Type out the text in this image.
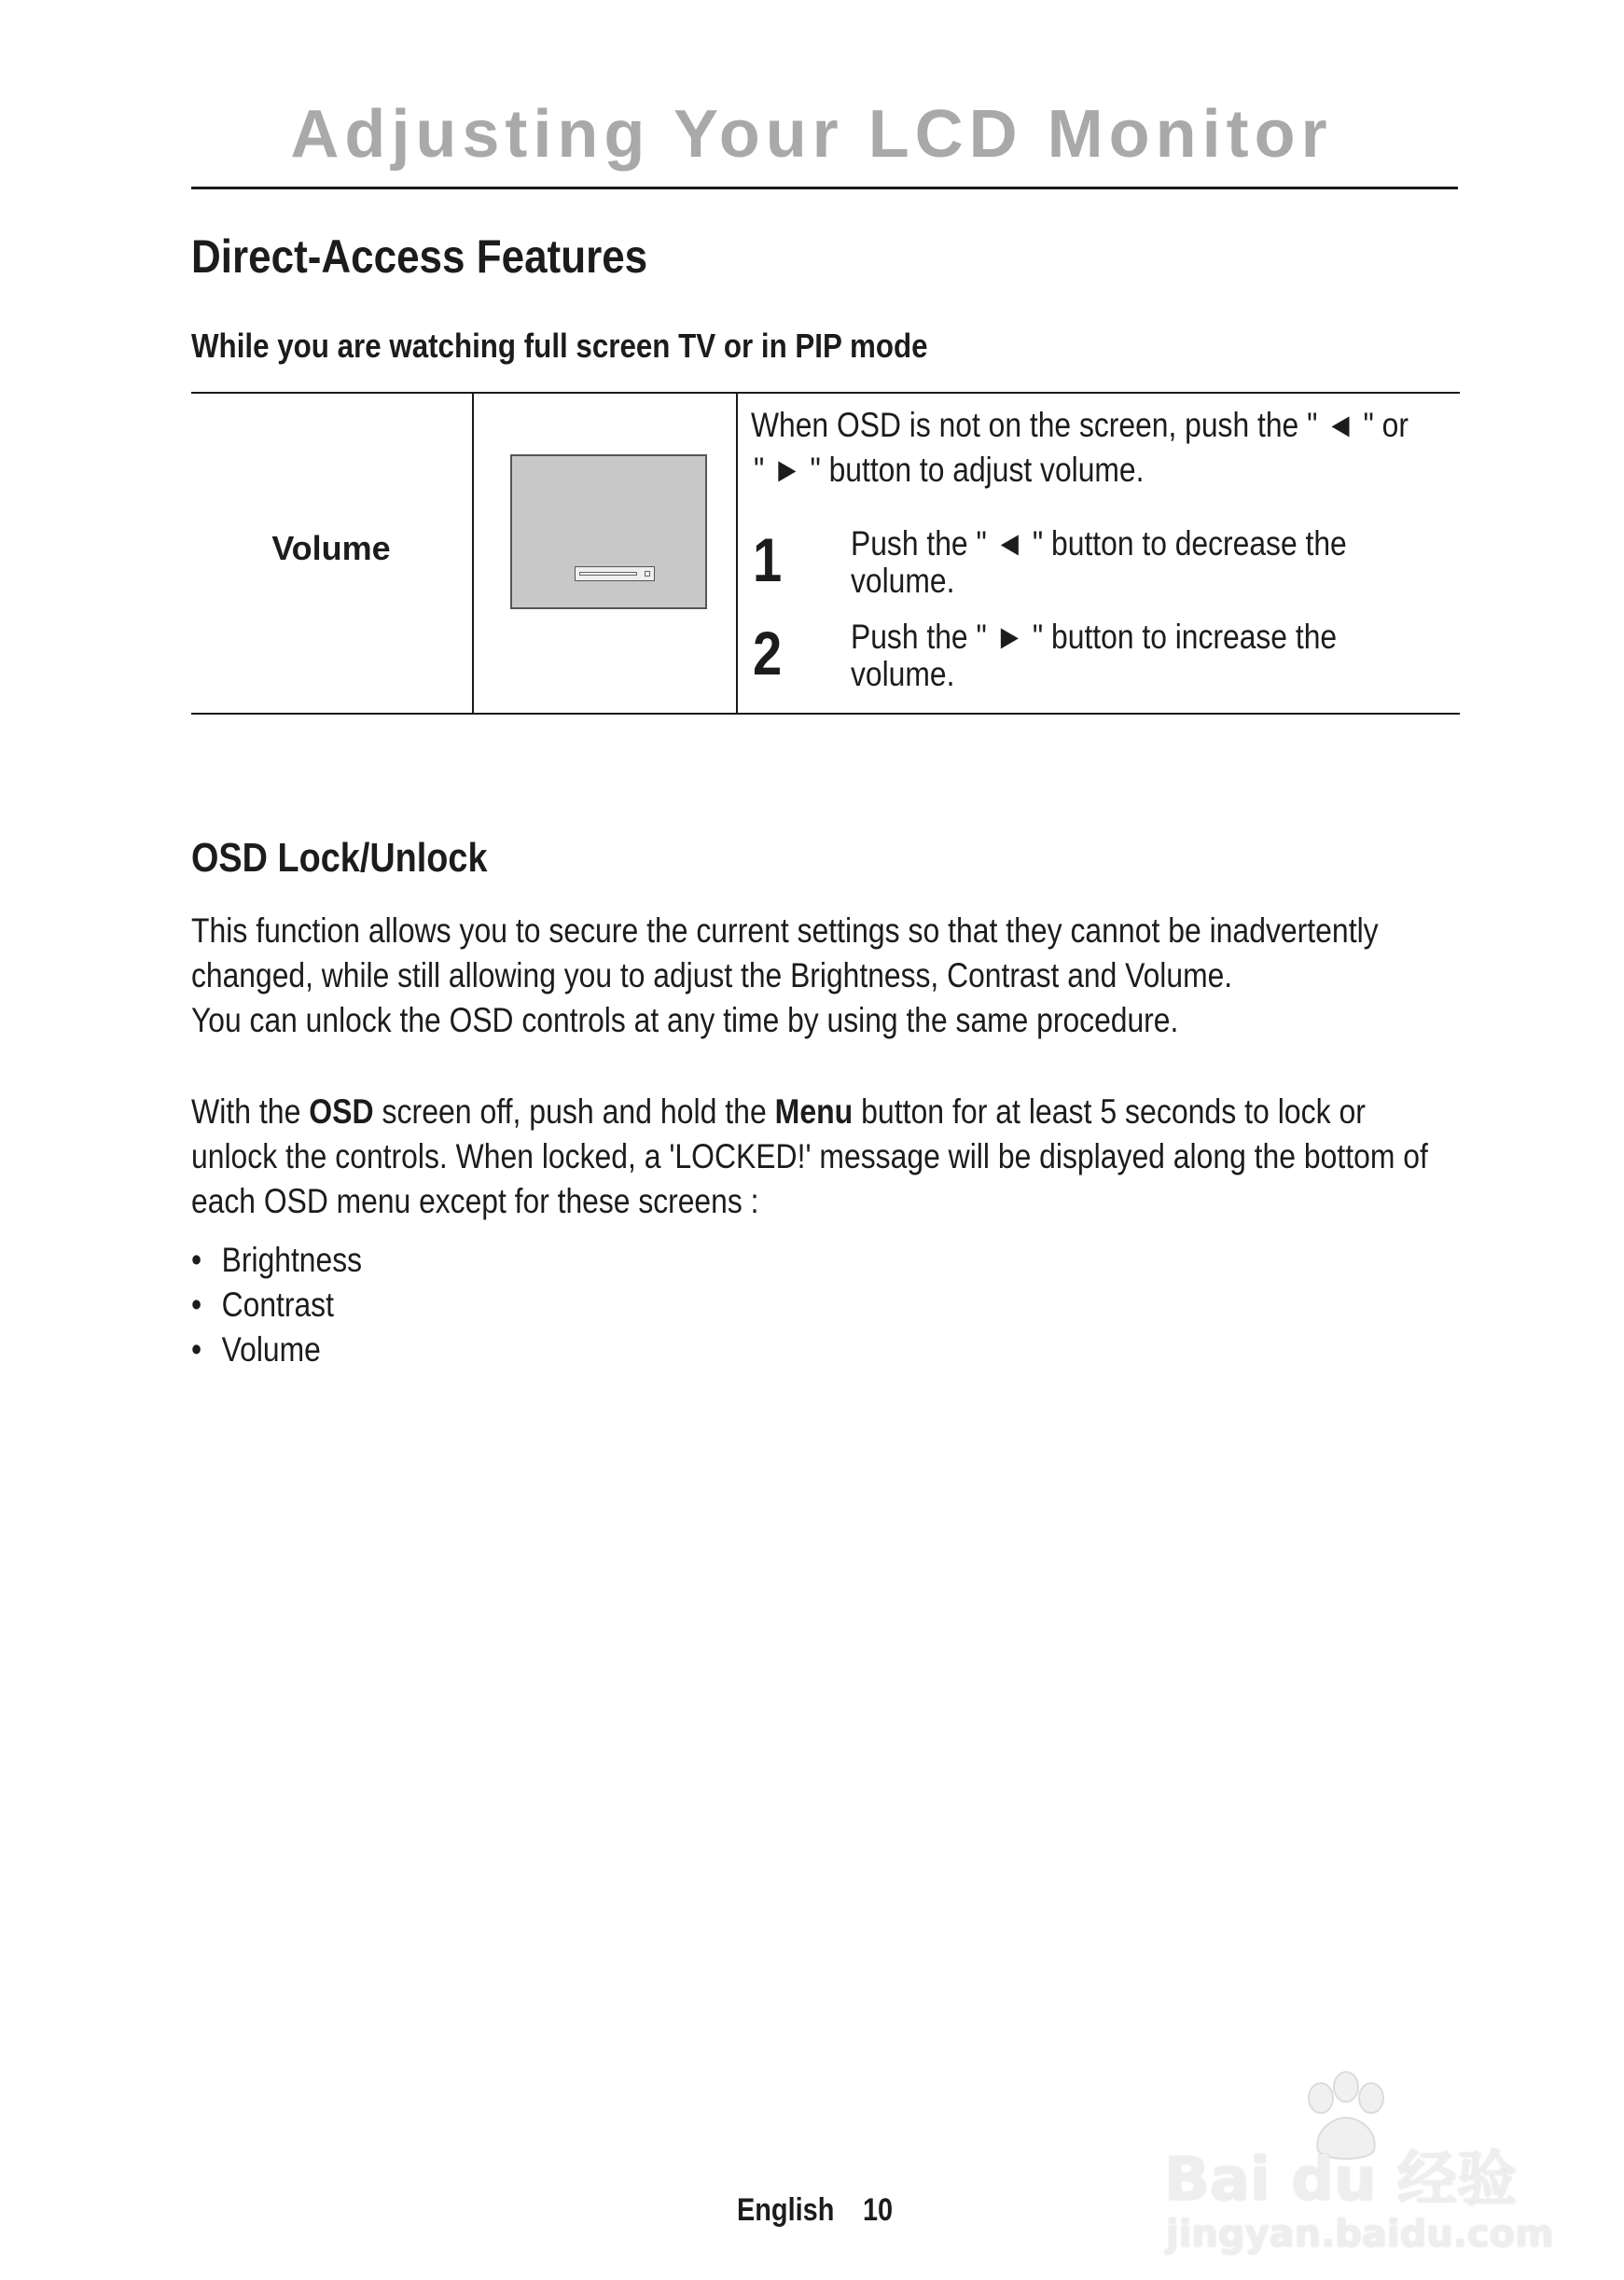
Adjusting Your LCD Monitor
Direct-Access Features
While you are watching full screen TV or in PIP mode
Volume
When OSD is not on the screen, push the " ◄ " or
" ► " button to adjust volume.
1 Push the " ◄ " button to decrease the
volume.
2 Push the " ► " button to increase the
volume.
OSD Lock/Unlock
This function allows you to secure the current settings so that they cannot be inadvertently
changed, while still allowing you to adjust the Brightness, Contrast and Volume.
You can unlock the OSD controls at any time by using the same procedure.
With the OSD screen off, push and hold the Menu button for at least 5 seconds to lock or
unlock the controls. When locked, a 'LOCKED!' message will be displayed along the bottom of
each OSD menu except for these screens :
• Brightness
• Contrast
• Volume
English 10	Bai du 经验
jingyan.baidu.com
